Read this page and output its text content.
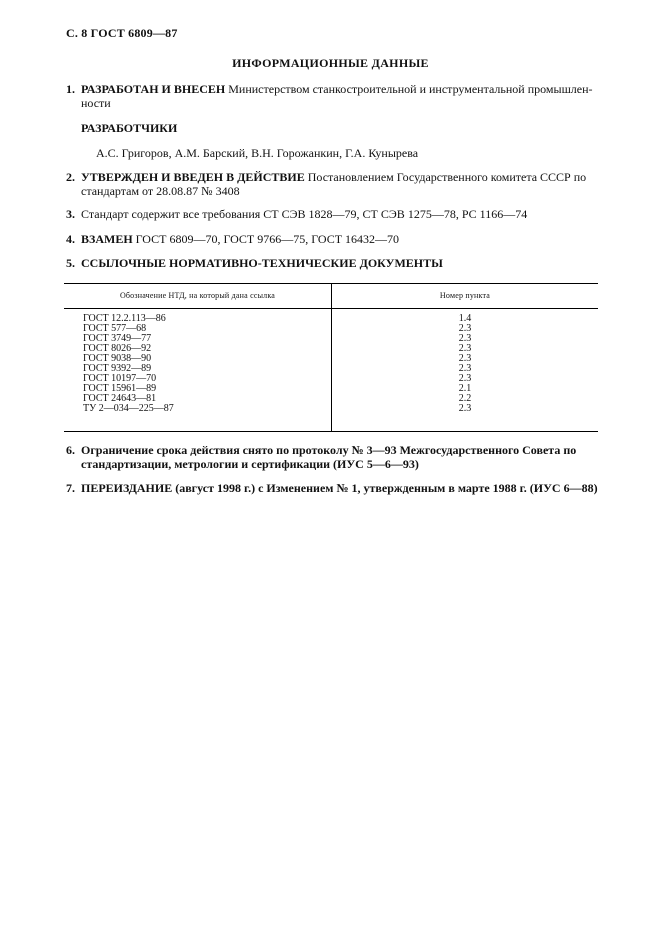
С. 8 ГОСТ 6809—87
ИНФОРМАЦИОННЫЕ ДАННЫЕ
1. РАЗРАБОТАН И ВНЕСЕН Министерством станкостроительной и инструментальной промышлен-
ности
РАЗРАБОТЧИКИ
А.С. Григоров, А.М. Барский, В.Н. Горожанкин, Г.А. Кунырева
2. УТВЕРЖДЕН И ВВЕДЕН В ДЕЙСТВИЕ Постановлением Государственного комитета СССР по
стандартам от 28.08.87 № 3408
3. Стандарт содержит все требования СТ СЭВ 1828—79, СТ СЭВ 1275—78, РС 1166—74
4. ВЗАМЕН ГОСТ 6809—70, ГОСТ 9766—75, ГОСТ 16432—70
5. ССЫЛОЧНЫЕ НОРМАТИВНО-ТЕХНИЧЕСКИЕ ДОКУМЕНТЫ
Обозначение НТД, на который дана ссылка	Номер пункта
ГОСТ 12.2.113—86	1.4
ГОСТ 577—68	2.3
ГОСТ 3749—77	2.3
ГОСТ 8026—92	2.3
ГОСТ 9038—90	2.3
ГОСТ 9392—89	2.3
ГОСТ 10197—70	2.3
ГОСТ 15961—89	2.1
ГОСТ 24643—81	2.2
ТУ 2—034—225—87	2.3
6. Ограничение срока действия снято по протоколу № 3—93 Межгосударственного Совета по
стандартизации, метрологии и сертификации (ИУС 5—6—93)
7. ПЕРЕИЗДАНИЕ (август 1998 г.) с Изменением № 1, утвержденным в марте 1988 г. (ИУС 6—88)
